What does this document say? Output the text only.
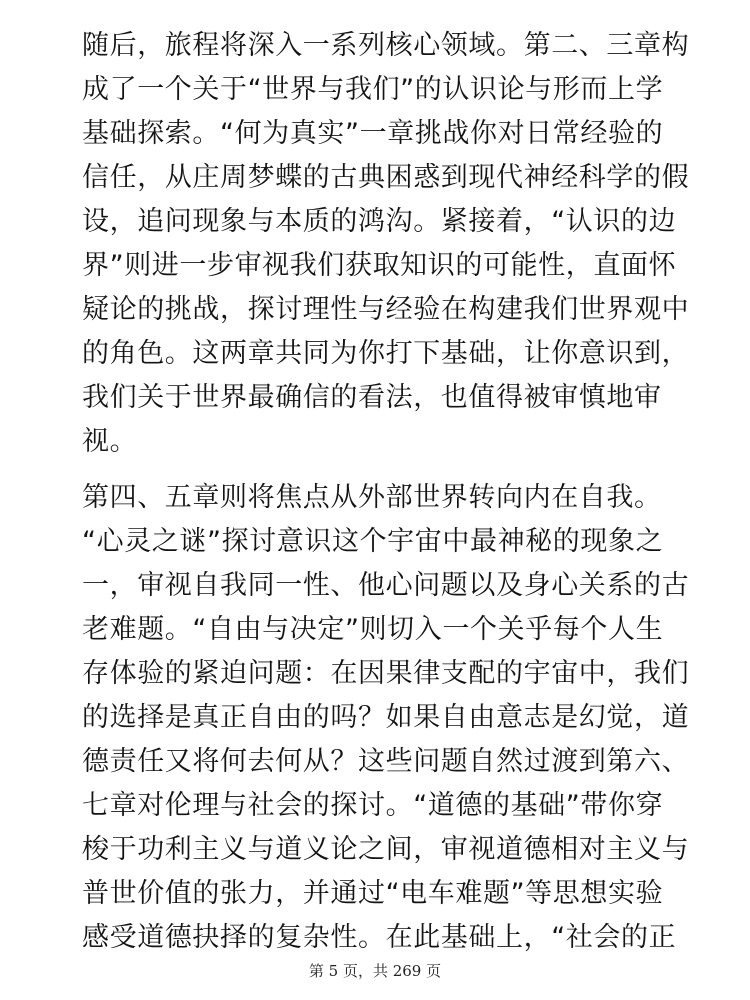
随后，旅程将深入一系列核心领域。第二、三章构
成了一个关于“世界与我们”的认识论与形而上学
基础探索。“何为真实”一章挑战你对日常经验的
信任，从庄周梦蝶的古典困惑到现代神经科学的假
设，追问现象与本质的鸿沟。紧接着，“认识的边
界”则进一步审视我们获取知识的可能性，直面怀
疑论的挑战，探讨理性与经验在构建我们世界观中
的角色。这两章共同为你打下基础，让你意识到，
我们关于世界最确信的看法，也值得被审慎地审
视。

第四、五章则将焦点从外部世界转向内在自我。
“心灵之谜”探讨意识这个宇宙中最神秘的现象之
一，审视自我同一性、他心问题以及身心关系的古
老难题。“自由与决定”则切入一个关乎每个人生
存体验的紧迫问题：在因果律支配的宇宙中，我们
的选择是真正自由的吗？如果自由意志是幻觉，道
德责任又将何去何从？这些问题自然过渡到第六、
七章对伦理与社会的探讨。“道德的基础”带你穿
梭于功利主义与道义论之间，审视道德相对主义与
普世价值的张力，并通过“电车难题”等思想实验
感受道德抉择的复杂性。在此基础上，“社会的正

第 5 页，共 269 页
